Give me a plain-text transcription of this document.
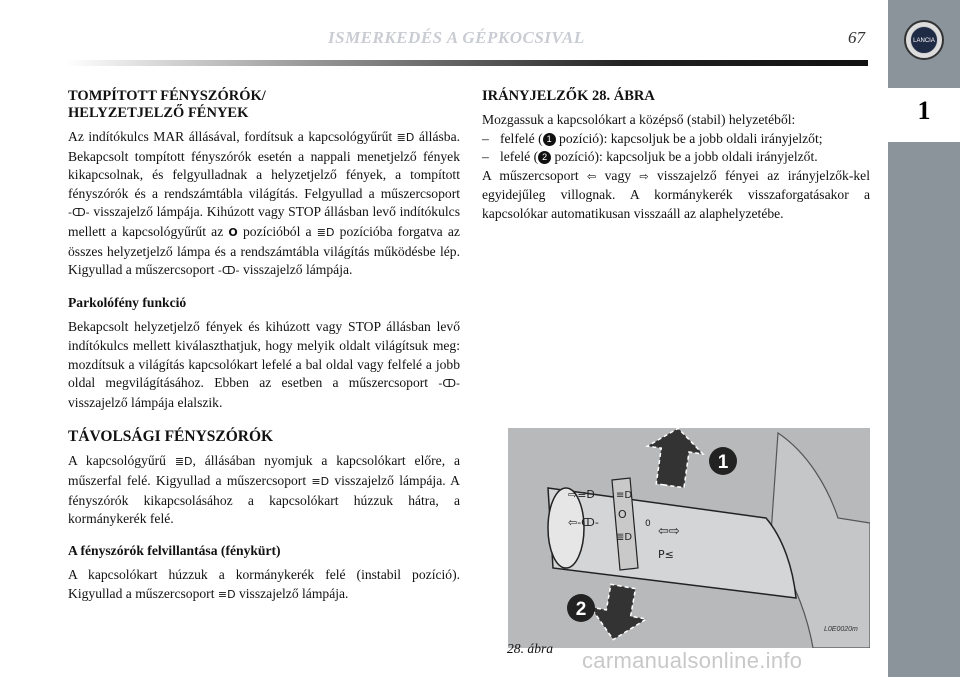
ISMERKEDÉS A GÉPKOCSIVAL	67	LANCIA
1
TOMPÍTOTT FÉNYSZÓRÓK/
HELYZETJELZŐ FÉNYEK

Az indítókulcs MAR állásával, fordítsuk a kapcsológyűrűt ≣D állásba. Bekapcsolt tompított fényszórók esetén a nappali menetjelző fények kikapcsolnak, és felgyulladnak a helyzetjelző fények, a tompított fényszórók és a rendszámtábla világítás. Felgyullad a műszercsoport -ↀ- visszajelző lámpája. Kihúzott vagy STOP állásban levő indítókulcs mellett a kapcsológyűrűt az O pozícióból a ≣D pozícióba forgatva az összes helyzetjelző lámpa és a rendszámtábla világítás működésbe lép. Kigyullad a műszercsoport -ↀ- visszajelző lámpája.

Parkolófény funkció

Bekapcsolt helyzetjelző fények és kihúzott vagy STOP állásban levő indítókulcs mellett kiválaszthatjuk, hogy melyik oldalt világítsuk meg: mozdítsuk a világítás kapcsolókart lefelé a bal oldal vagy felfelé a jobb oldal megvilágításához. Ebben az esetben a műszercsoport -ↀ- visszajelző lámpája elalszik.

TÁVOLSÁGI FÉNYSZÓRÓK

A kapcsológyűrű ≣D, állásában nyomjuk a kapcsolókart előre, a műszerfal felé. Kigyullad a műszercsoport ≡D visszajelző lámpája. A fényszórók kikapcsolásához a kapcsolókart húzzuk hátra, a kormánykerék felé.

A fényszórók felvillantása (fénykürt)

A kapcsolókart húzzuk a kormánykerék felé (instabil pozíció). Kigyullad a műszercsoport ≡D visszajelző lámpája.

IRÁNYJELZŐK 28. ÁBRA

Mozgassuk a kapcsolókart a középső (stabil) helyzetéből:

– felfelé ( 1 pozíció): kapcsoljuk be a jobb oldali irányjelzőt;
– lefelé ( 2 pozíció): kapcsoljuk be a jobb oldali irányjelzőt.

A műszercsoport ⇦ vagy ⇨ visszajelző fényei az irányjelzők-kel egyidejűleg villognak. A kormánykerék visszaforgatásakor a kapcsolókar automatikusan visszaáll az alaphelyzetébe.

⇨≡D
⇦-ↀ-
≡D
O
≣D
0 ⇦⇨
P≤
1
2
28. ábra
L0E0020m
carmanualsonline.info
